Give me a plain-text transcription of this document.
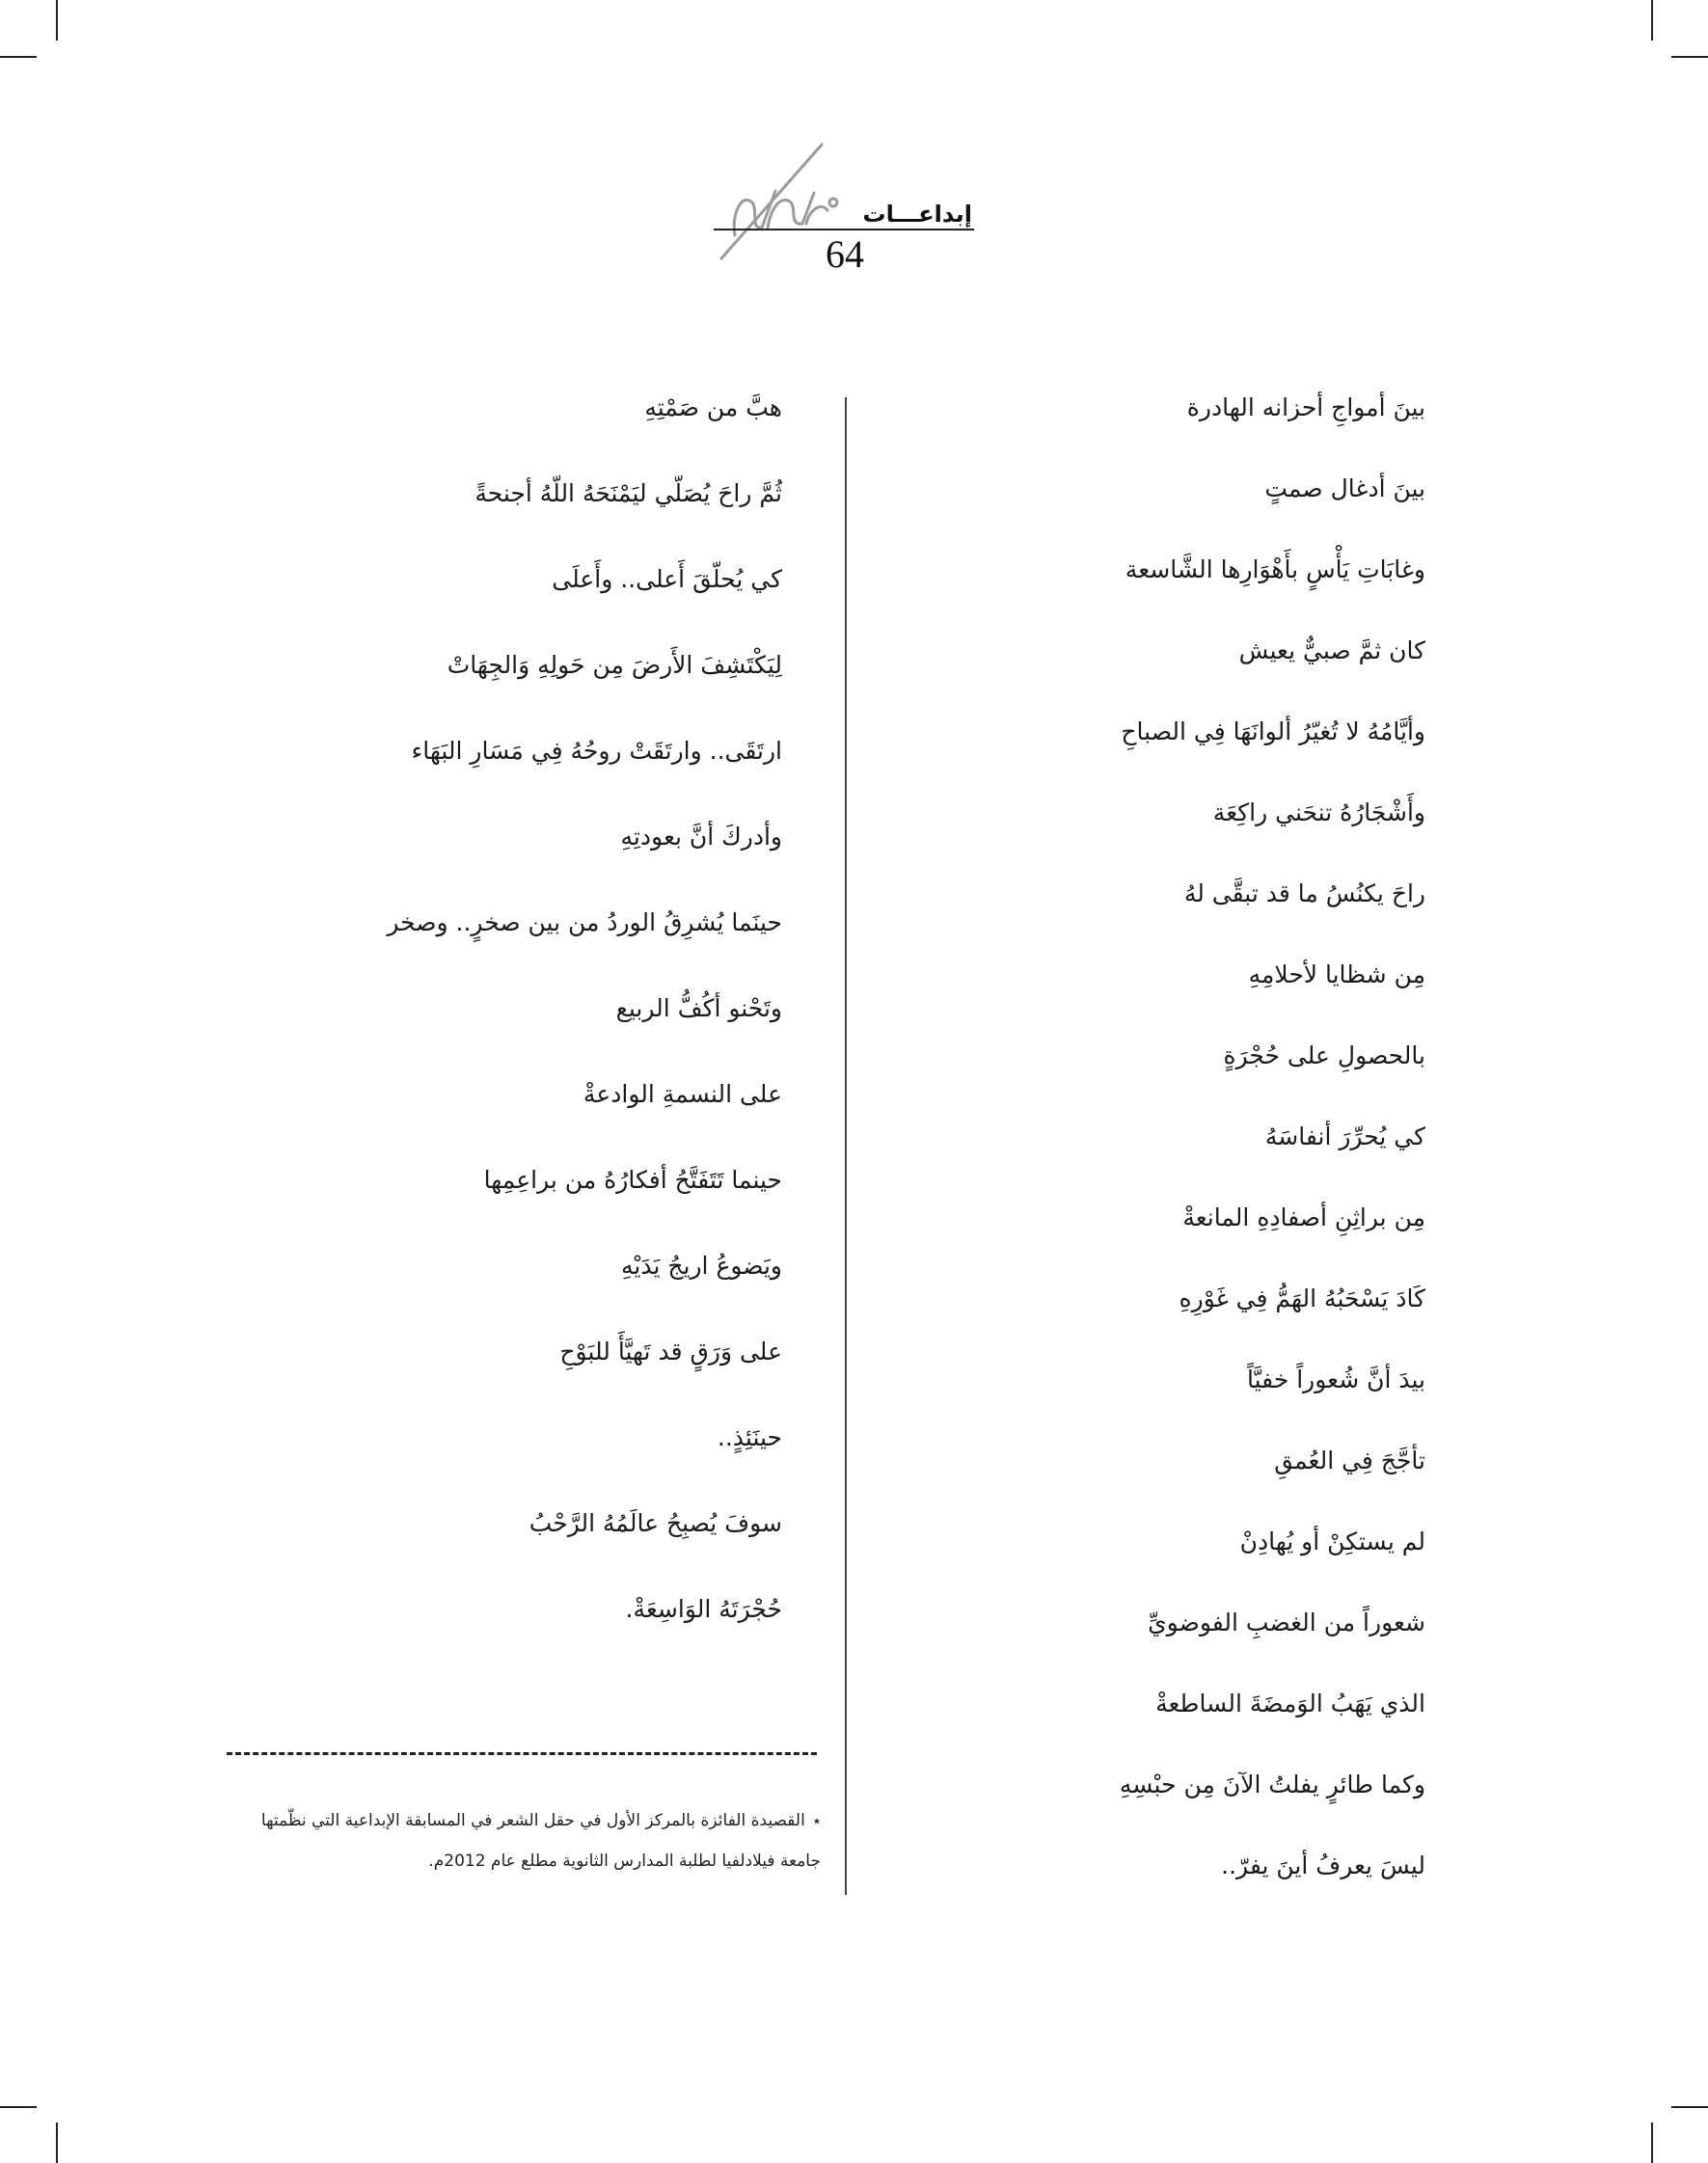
إبداعـــات
64
بينَ أمواجِ أحزانه الهادرة
بينَ أدغال صمتٍ
وغابَاتِ يَأْسٍ بأَهْوَارِها الشَّاسعة
كان ثمَّ صبيٌّ يعيش
وأيَّامُهُ لا تُغيّرُ ألوانَهَا فِي الصباحِ
وأَشْجَارُهُ تنحَني راكِعَة
راحَ يكنُسُ ما قد تبقَّى لهُ
مِن شظايا لأحلامِهِ
بالحصولِ على حُجْرَةٍ
كي يُحرِّرَ أنفاسَهُ
مِن براثِنِ أصفادِهِ المانعةْ
كَادَ يَسْحَبُهُ الهَمُّ فِي غَوْرِهِ
بيدَ أنَّ شُعوراً خفيَّاً
تأجَّجَ فِي العُمقِ
لم يستكِنْ أو يُهادِنْ
شعوراً من الغضبِ الفوضويِّ
الذي يَهَبُ الوَمضَةَ الساطعةْ
وكما طائرٍ يفلتُ الآنَ مِن حبْسِهِ
ليسَ يعرفُ أينَ يفرّ..
هبَّ من صَمْتِهِ
ثُمَّ راحَ يُصَلّي ليَمْنَحَهُ اللّهُ أجنحةً
كي يُحلّقَ أَعلى.. وأَعلَى
لِيَكْتَشِفَ الأَرضَ مِن حَولِهِ وَالجِهَاتْ
ارتَقَى.. وارتَقَتْ روحُهُ فِي مَسَارِ البَهَاء
وأدركَ أنَّ بعودتِهِ
حينَما يُشرِقُ الوردُ من بين صخرٍ.. وصخر
وتَحْنو أكُفُّ الربيع
على النسمةِ الوادعةْ
حينما تَتَفَتَّحُ أفكارُهُ من براعِمِها
ويَضوعُ اريجُ يَدَيْهِ
على وَرَقٍ قد تَهيَّأَ للبَوْحِ
حينَئِذٍ..
سوفَ يُصبِحُ عالَمُهُ الرَّحْبُ
حُجْرَتَهُ الوَاسِعَةْ.

٭القصيدة الفائزة بالمركز الأول في حقل الشعر في المسابقة الإبداعية التي نظّمتها

جامعة فيلادلفيا لطلبة المدارس الثانوية مطلع عام 2012م.
